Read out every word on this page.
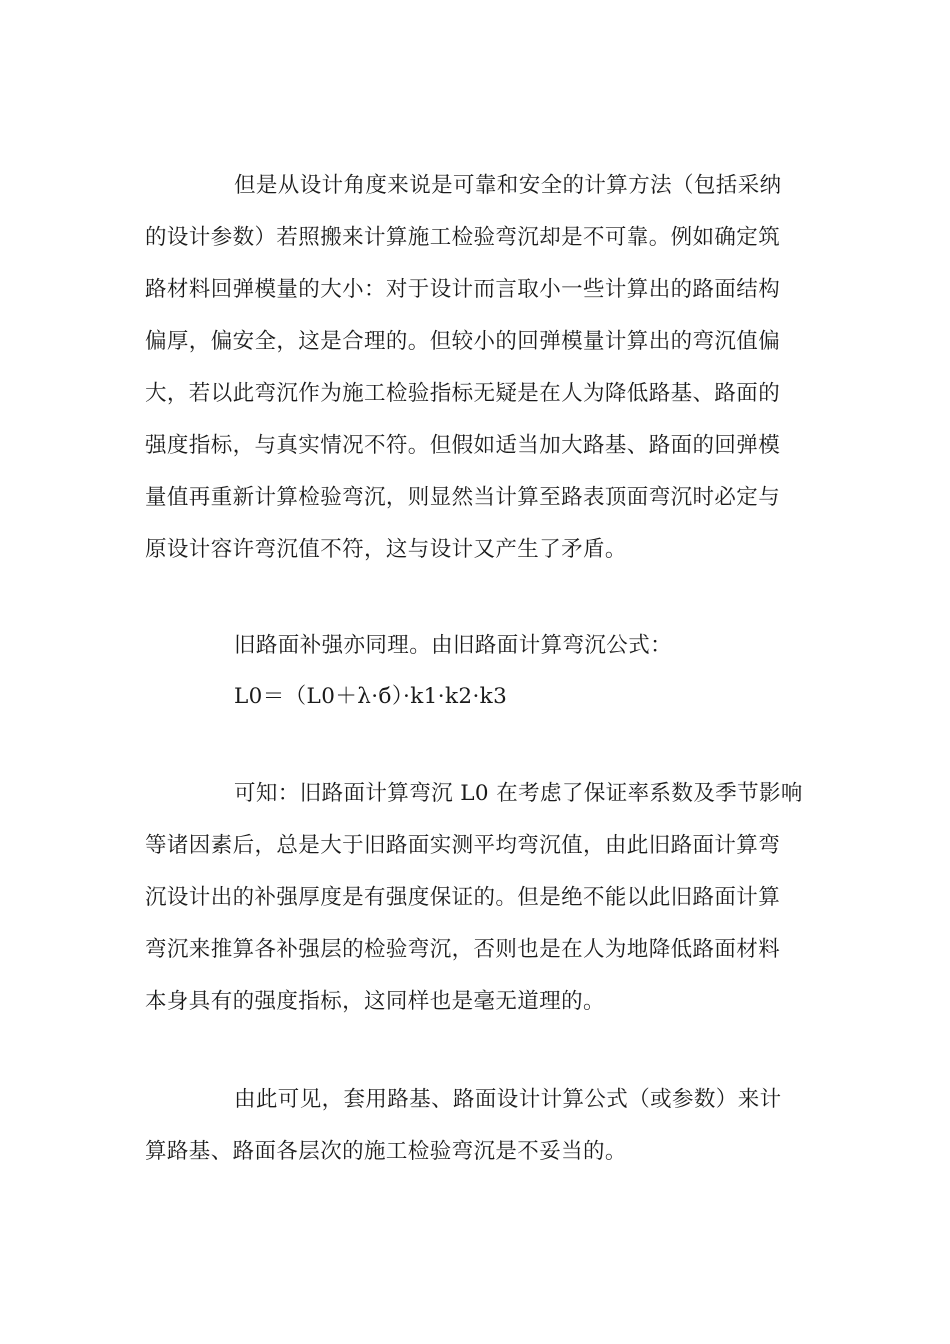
但是从设计角度来说是可靠和安全的计算方法（包括采纳
的设计参数）若照搬来计算施工检验弯沉却是不可靠。例如确定筑
路材料回弹模量的大小：对于设计而言取小一些计算出的路面结构
偏厚，偏安全，这是合理的。但较小的回弹模量计算出的弯沉值偏
大，若以此弯沉作为施工检验指标无疑是在人为降低路基、路面的
强度指标，与真实情况不符。但假如适当加大路基、路面的回弹模
量值再重新计算检验弯沉，则显然当计算至路表顶面弯沉时必定与
原设计容许弯沉值不符，这与设计又产生了矛盾。
旧路面补强亦同理。由旧路面计算弯沉公式：
L0＝（L0＋λ·б）·k1·k2·k3
可知：旧路面计算弯沉 L0 在考虑了保证率系数及季节影响
等诸因素后，总是大于旧路面实测平均弯沉值，由此旧路面计算弯
沉设计出的补强厚度是有强度保证的。但是绝不能以此旧路面计算
弯沉来推算各补强层的检验弯沉，否则也是在人为地降低路面材料
本身具有的强度指标，这同样也是毫无道理的。
由此可见，套用路基、路面设计计算公式（或参数）来计
算路基、路面各层次的施工检验弯沉是不妥当的。
